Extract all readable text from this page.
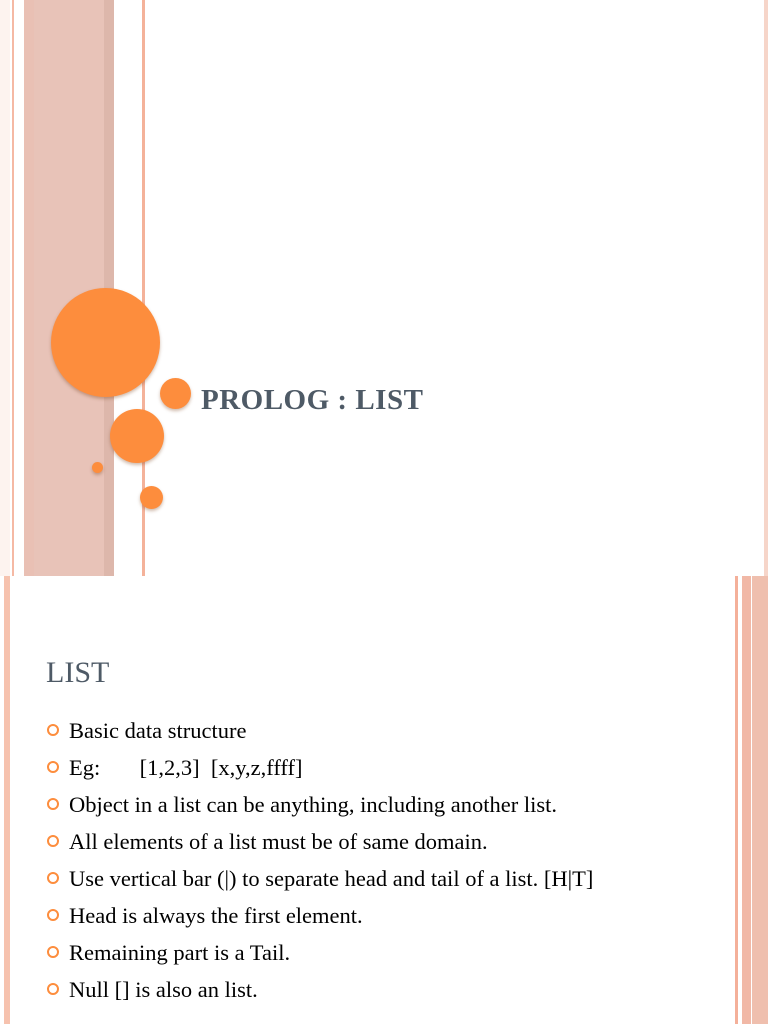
PROLOG : LIST
LIST
Basic data structure
Eg:       [1,2,3]  [x,y,z,ffff]
Object in a list can be anything, including another list.
All elements of a list must be of same domain.
Use vertical bar (|) to separate head and tail of a list. [H|T]
Head is always the first element.
Remaining part is a Tail.
Null [] is also an list.
